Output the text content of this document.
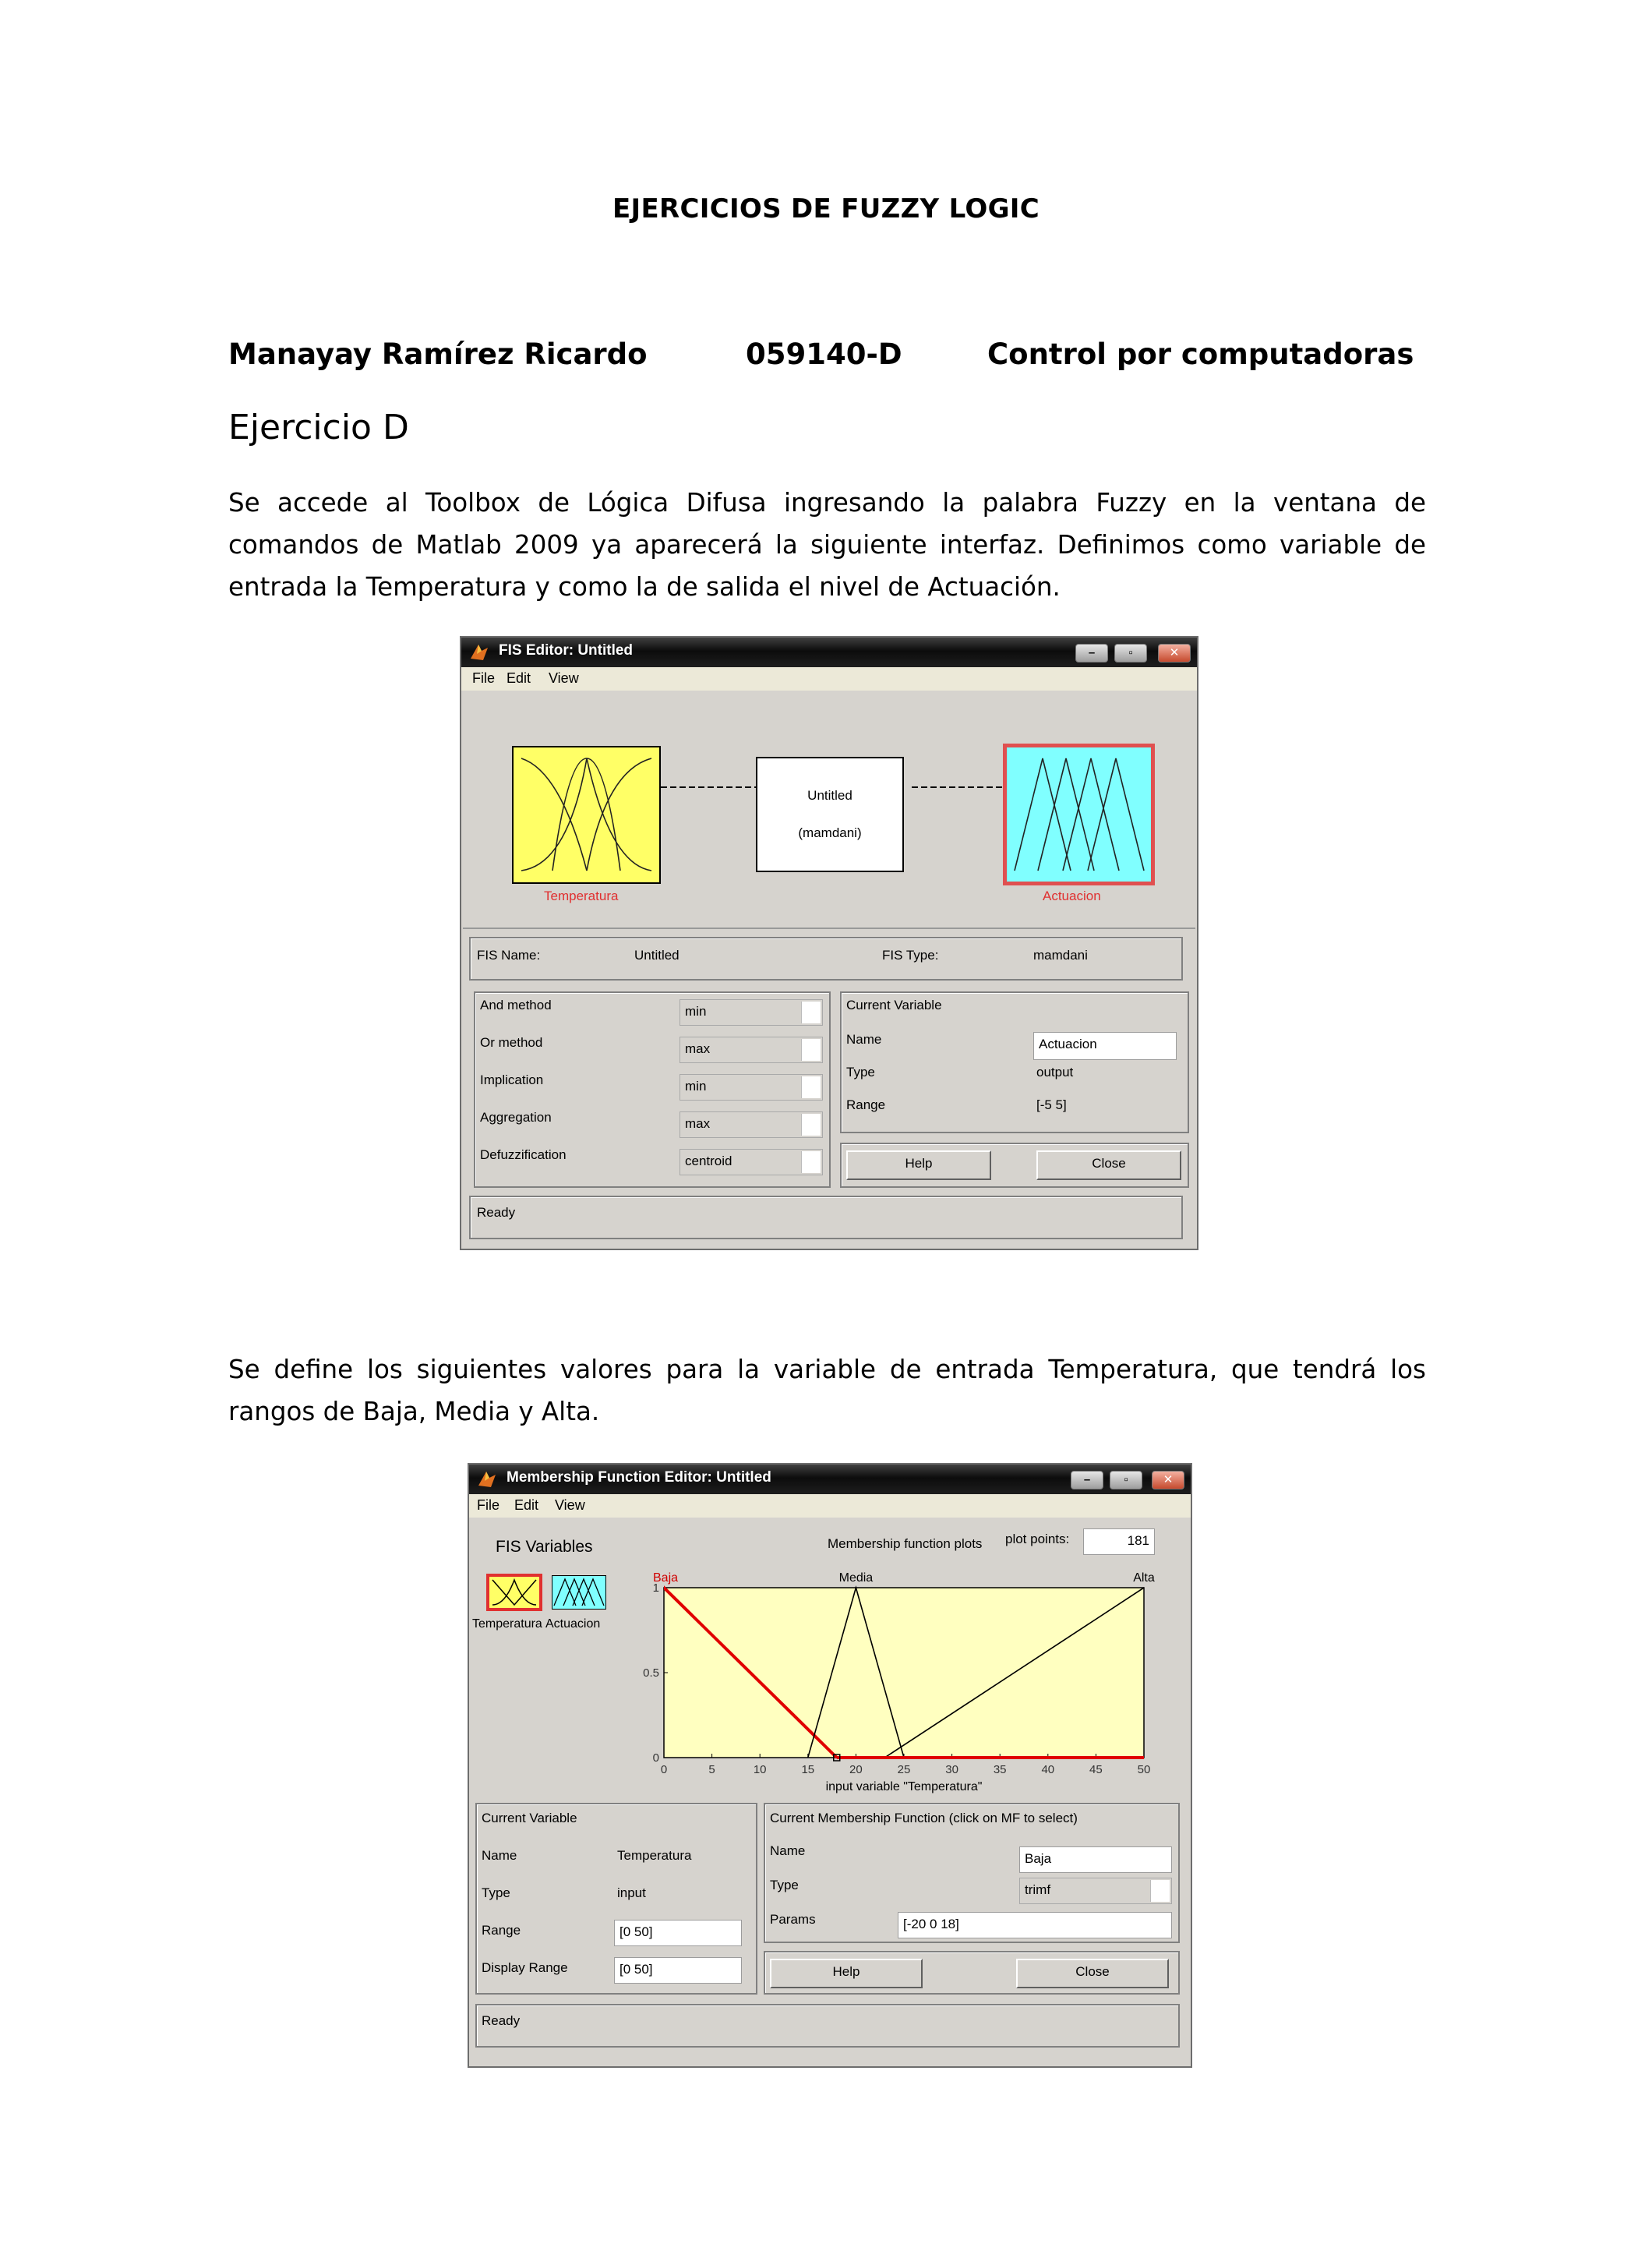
EJERCICIOS DE FUZZY LOGIC
Manayay Ramírez Ricardo	059140-D	Control por computadoras
Ejercicio D
Se accede al Toolbox de Lógica Difusa ingresando la palabra Fuzzy en la ventana de comandos de Matlab 2009 ya aparecerá la siguiente interfaz. Definimos como variable de entrada la Temperatura y como la de salida el nivel de Actuación.
Se define los siguientes valores para la variable de entrada Temperatura, que tendrá los rangos de Baja, Media y Alta.
FIS Editor: Untitled	–	▫	✕
File Edit View
Temperatura
Untitled
(mamdani)
Actuacion
FIS Name:	Untitled	FIS Type:	mamdani
And method	min
Or method	max
Implication	min
Aggregation	max
Defuzzification	centroid
Current Variable
Name	Actuacion
Type	output
Range	[-5 5]
Help	Close
Ready
Membership Function Editor: Untitled	–	▫	✕
File Edit View
FIS Variables
Temperatura Actuacion
Membership function plots plot points:	181
0	5	10	15	20	25	30	35	40	45	50
0
0.5
1
input variable "Temperatura"
Baja	Media	Alta
Current Variable
Name	Temperatura
Type	input
Range	[0 50]
Display Range	[0 50]
Current Membership Function (click on MF to select)
Name
Baja
Type	trimf
Params	[-20 0 18]
Help	Close
Ready
